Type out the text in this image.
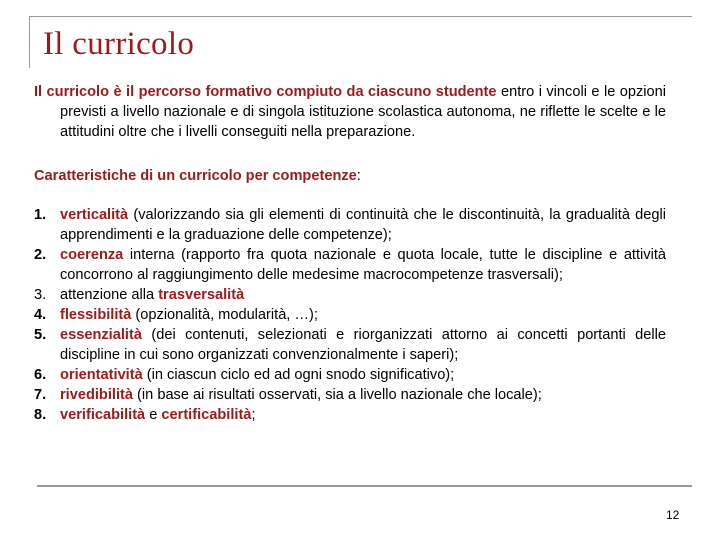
Il curricolo

Il curricolo è il percorso formativo compiuto da ciascuno studente entro i vincoli e le opzioni previsti a livello nazionale e di singola istituzione scolastica autonoma, ne riflette le scelte e le attitudini oltre che i livelli conseguiti nella preparazione.

Caratteristiche di un curricolo per competenze:

1. verticalità (valorizzando sia gli elementi di continuità che le discontinuità, la gradualità degli apprendimenti e la graduazione delle competenze);
2. coerenza interna (rapporto fra quota nazionale e quota locale, tutte le discipline e attività concorrono al raggiungimento delle medesime macrocompetenze trasversali);
3. attenzione alla trasversalità
4. flessibilità (opzionalità, modularità, …);
5. essenzialità (dei contenuti, selezionati e riorganizzati attorno ai concetti portanti delle discipline in cui sono organizzati convenzionalmente i saperi);
6. orientatività (in ciascun ciclo ed ad ogni snodo significativo);
7. rivedibilità (in base ai risultati osservati, sia a livello nazionale che locale);
8. verificabilità e certificabilità;
12
